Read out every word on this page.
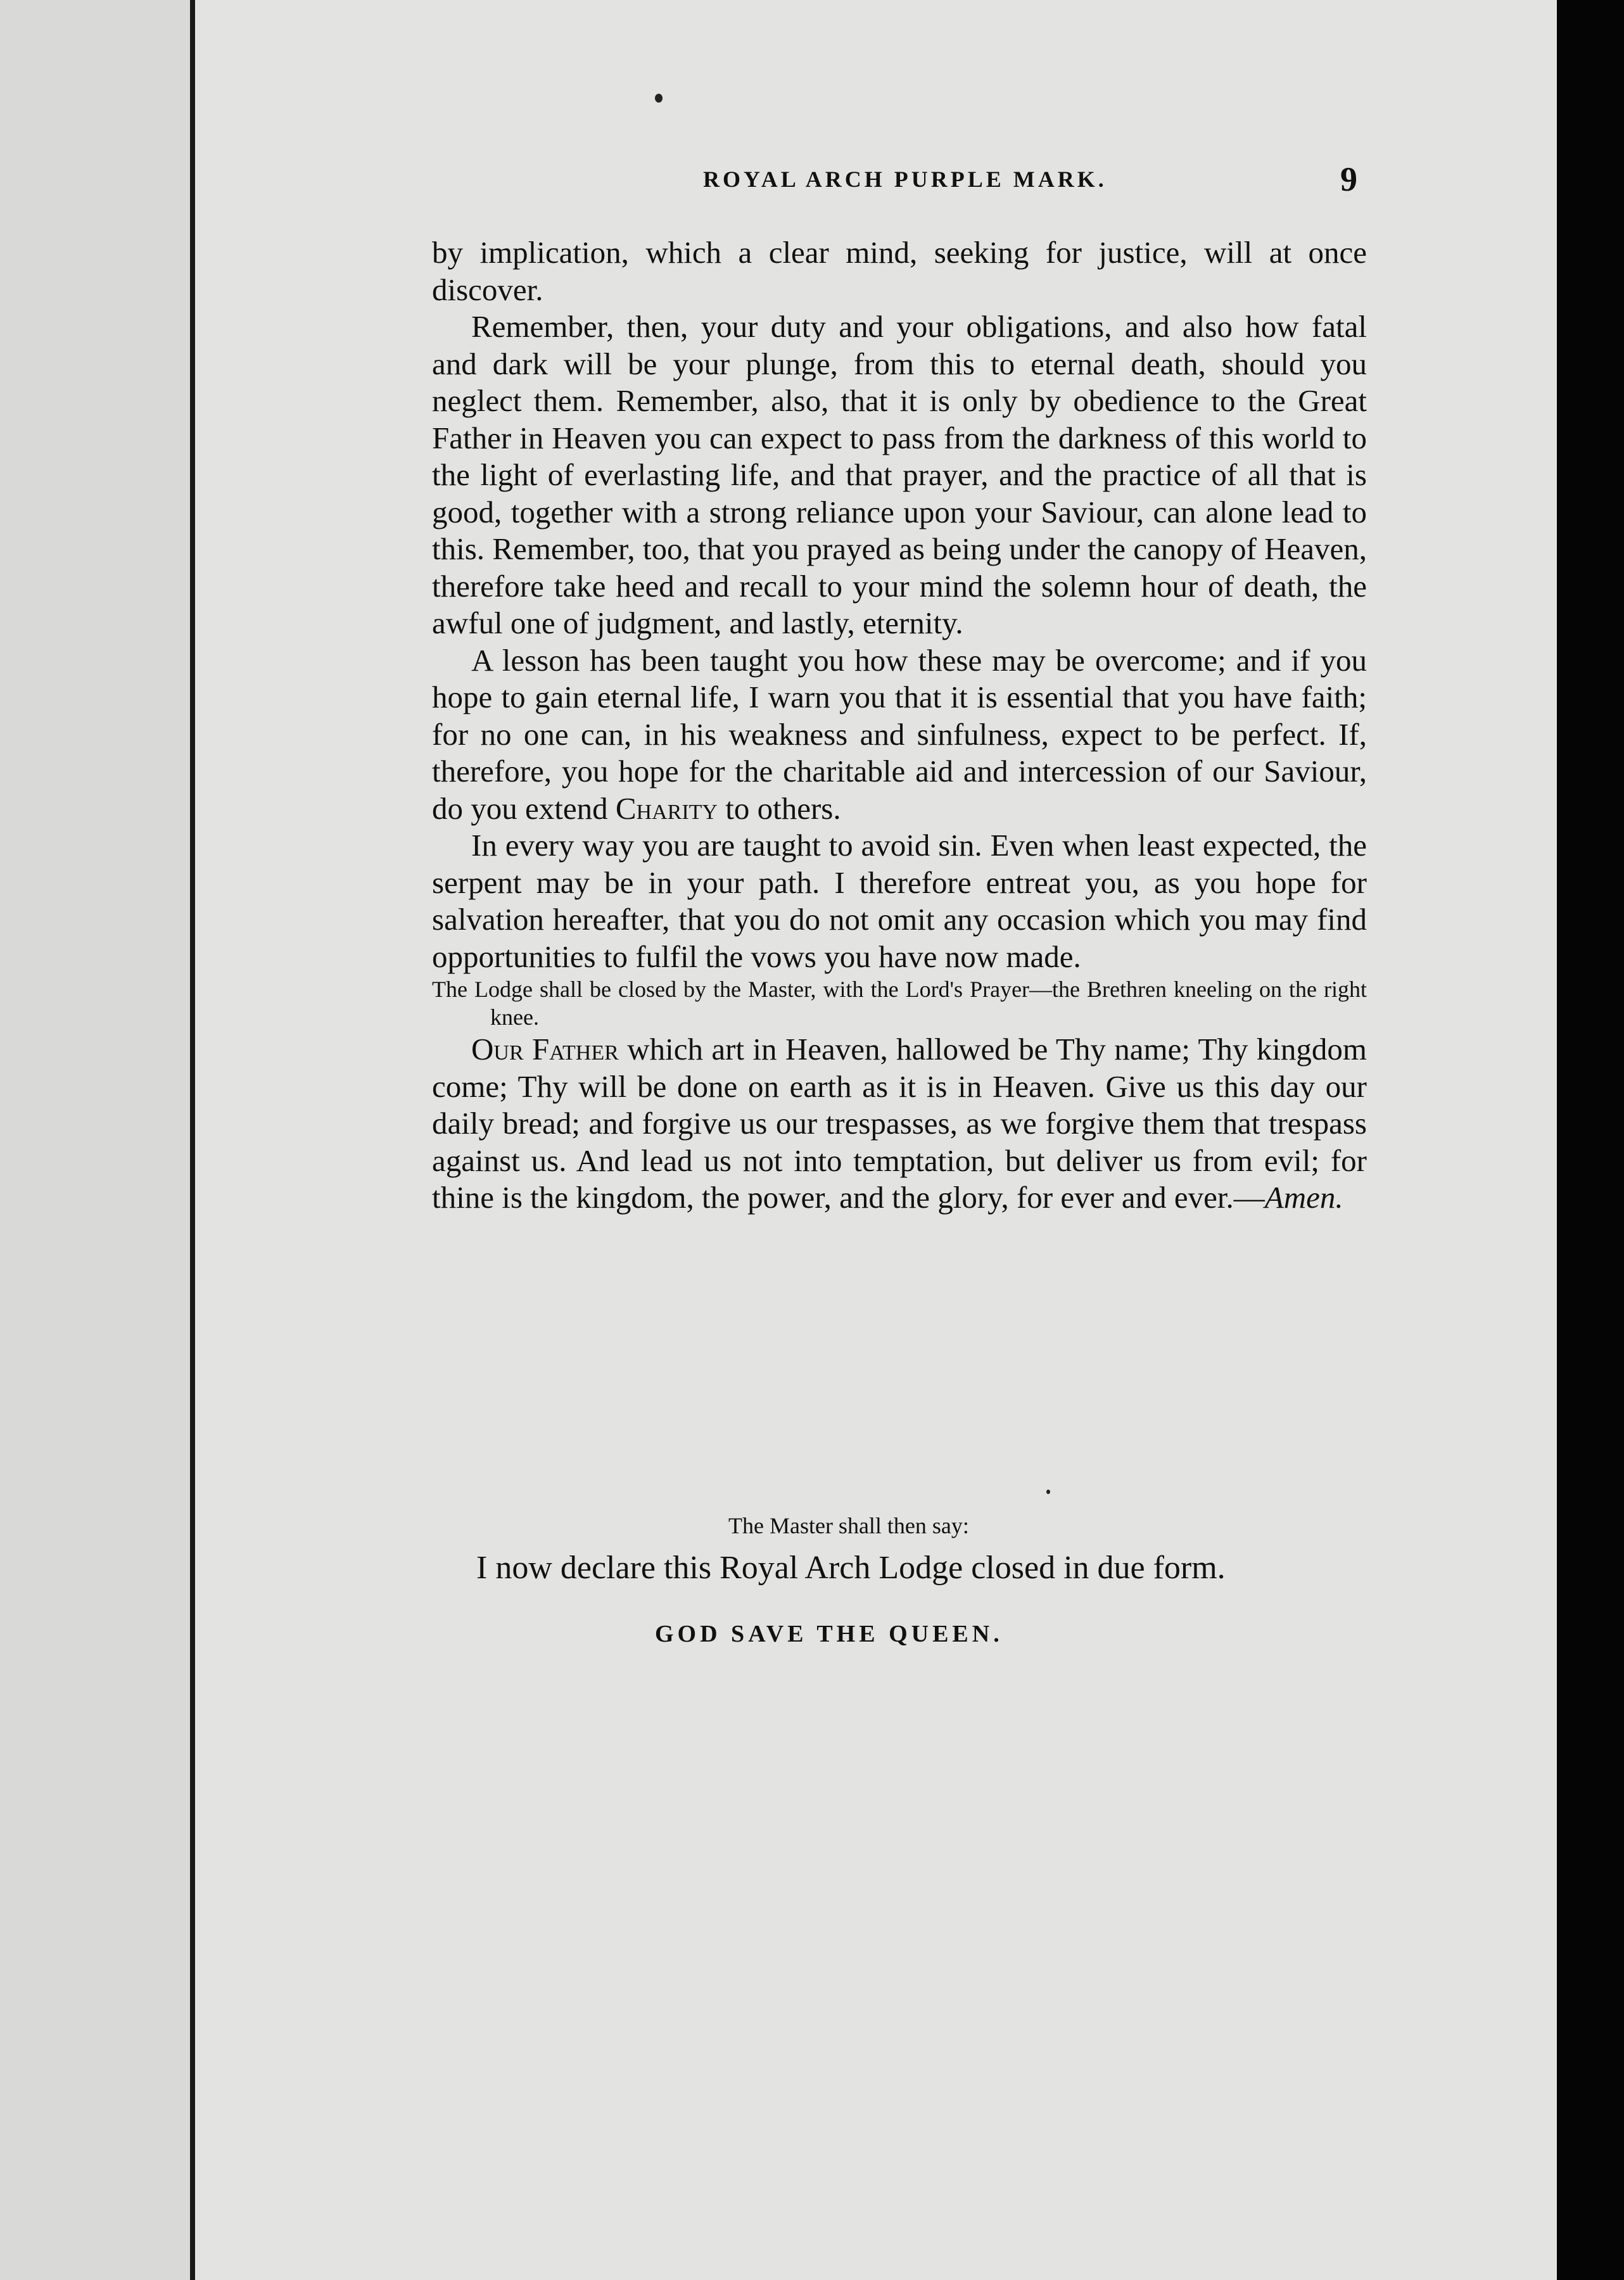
ROYAL ARCH PURPLE MARK.	9

by implication, which a clear mind, seeking for justice, will at once discover.

Remember, then, your duty and your obligations, and also how fatal and dark will be your plunge, from this to eternal death, should you neglect them. Remember, also, that it is only by obedience to the Great Father in Heaven you can expect to pass from the darkness of this world to the light of everlasting life, and that prayer, and the practice of all that is good, together with a strong reliance upon your Saviour, can alone lead to this. Remember, too, that you prayed as being under the canopy of Heaven, therefore take heed and recall to your mind the solemn hour of death, the awful one of judgment, and lastly, eternity.

A lesson has been taught you how these may be overcome; and if you hope to gain eternal life, I warn you that it is essential that you have faith; for no one can, in his weakness and sinfulness, expect to be perfect. If, therefore, you hope for the charitable aid and intercession of our Saviour, do you extend Charity to others.

In every way you are taught to avoid sin. Even when least expected, the serpent may be in your path. I therefore entreat you, as you hope for salvation hereafter, that you do not omit any occasion which you may find opportunities to fulfil the vows you have now made.

The Lodge shall be closed by the Master, with the Lord's Prayer—the Brethren kneeling on the right knee.

Our Father which art in Heaven, hallowed be Thy name; Thy kingdom come; Thy will be done on earth as it is in Heaven. Give us this day our daily bread; and forgive us our trespasses, as we forgive them that trespass against us. And lead us not into temptation, but deliver us from evil; for thine is the kingdom, the power, and the glory, for ever and ever.—Amen.

The Master shall then say:
I now declare this Royal Arch Lodge closed in due form.
GOD SAVE THE QUEEN.
